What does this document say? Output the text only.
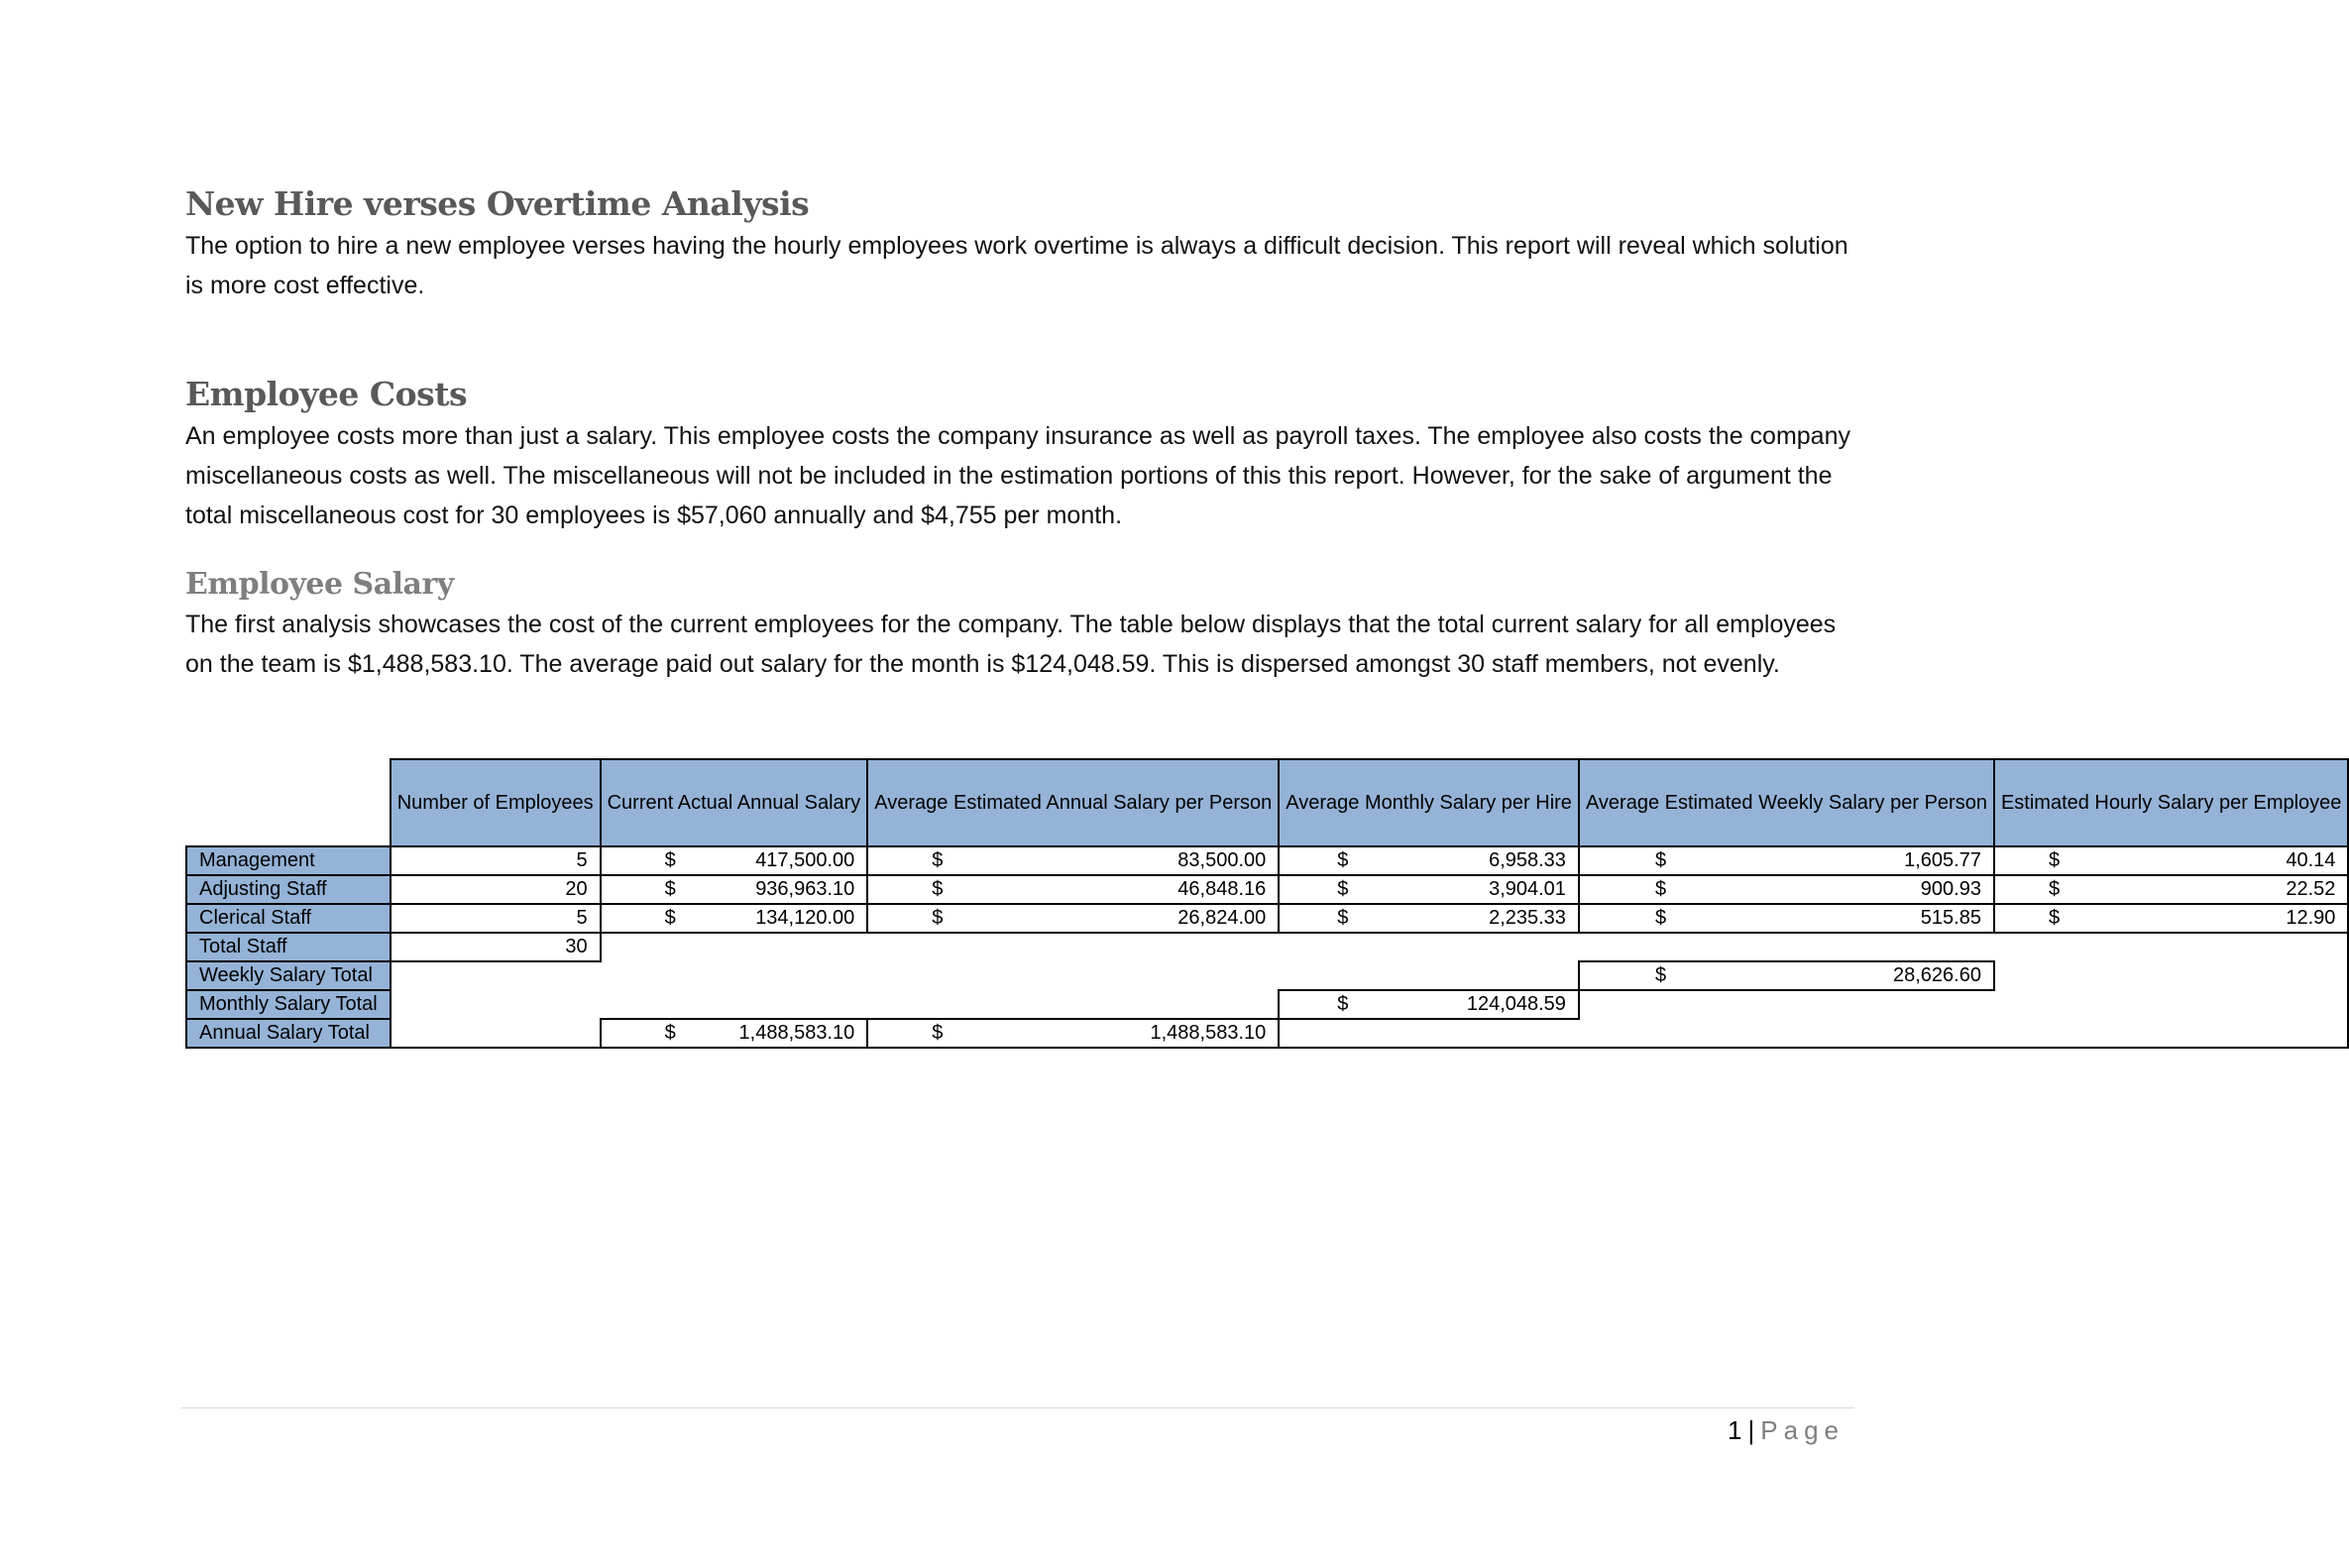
New Hire verses Overtime Analysis

The option to hire a new employee verses having the hourly employees work overtime is always a difficult decision. This report will reveal which solution is more cost effective.

Employee Costs

An employee costs more than just a salary. This employee costs the company insurance as well as payroll taxes. The employee also costs the company miscellaneous costs as well. The miscellaneous will not be included in the estimation portions of this this report. However, for the sake of argument the total miscellaneous cost for 30 employees is $57,060 annually and $4,755 per month.

Employee Salary

The first analysis showcases the cost of the current employees for the company. The table below displays that the total current salary for all employees on the team is $1,488,583.10. The average paid out salary for the month is $124,048.59. This is dispersed amongst 30 staff members, not evenly.

	Number of Employees	Current Actual Annual Salary	Average Estimated Annual Salary per Person	Average Monthly Salary per Hire	Average Estimated Weekly Salary per Person	Estimated Hourly Salary per Employee
Management	5	$ 417,500.00	$ 83,500.00	$ 6,958.33	$ 1,605.77	$ 40.14

Adjusting Staff	20	$ 936,963.10	$ 46,848.16	$ 3,904.01	$ 900.93	$ 22.52

Clerical Staff	5	$ 134,120.00	$ 26,824.00	$ 2,235.33	$ 515.85	$ 12.90

Total Staff	30					
Weekly Salary Total					$ 28,626.60	

Monthly Salary Total				$ 124,048.59		

Annual Salary Total		$ 1,488,583.10	$ 1,488,583.10			

1 | Page
